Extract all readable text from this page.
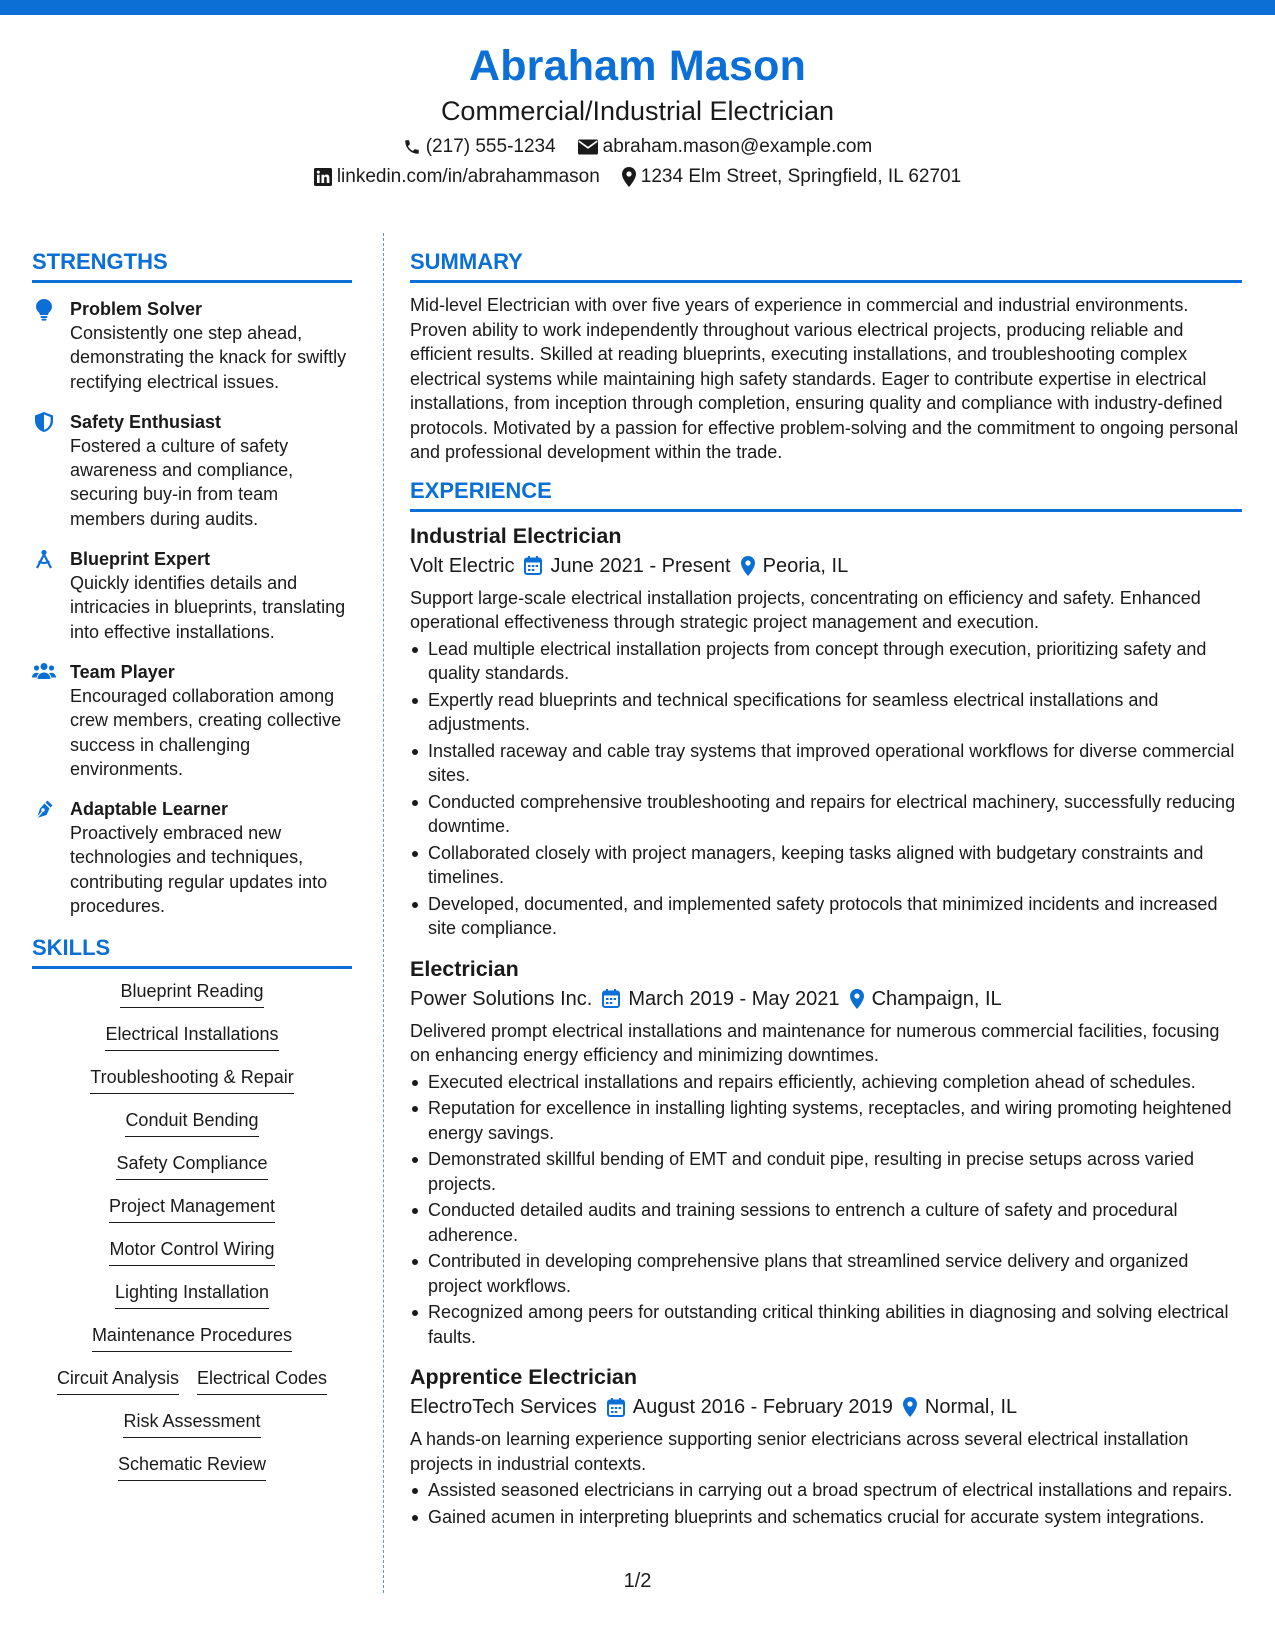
Abraham Mason
Commercial/Industrial Electrician
(217) 555-1234 abraham.mason@example.com
linkedin.com/in/abrahammason 1234 Elm Street, Springfield, IL 62701
STRENGTHS
Problem Solver
Consistently one step ahead, demonstrating the knack for swiftly rectifying electrical issues.
Safety Enthusiast
Fostered a culture of safety awareness and compliance, securing buy-in from team members during audits.
Blueprint Expert
Quickly identifies details and intricacies in blueprints, translating into effective installations.
Team Player
Encouraged collaboration among crew members, creating collective success in challenging environments.
Adaptable Learner
Proactively embraced new technologies and techniques, contributing regular updates into procedures.
SKILLS
Blueprint Reading
Electrical Installations
Troubleshooting & Repair
Conduit Bending
Safety Compliance
Project Management
Motor Control Wiring
Lighting Installation
Maintenance Procedures
Circuit Analysis Electrical Codes
Risk Assessment
Schematic Review
SUMMARY
Mid-level Electrician with over five years of experience in commercial and industrial environments. Proven ability to work independently throughout various electrical projects, producing reliable and efficient results. Skilled at reading blueprints, executing installations, and troubleshooting complex electrical systems while maintaining high safety standards. Eager to contribute expertise in electrical installations, from inception through completion, ensuring quality and compliance with industry-defined protocols. Motivated by a passion for effective problem-solving and the commitment to ongoing personal and professional development within the trade.
EXPERIENCE
Industrial Electrician
Volt Electric June 2021 - Present Peoria, IL
Support large-scale electrical installation projects, concentrating on efficiency and safety. Enhanced operational effectiveness through strategic project management and execution.
Lead multiple electrical installation projects from concept through execution, prioritizing safety and quality standards.
Expertly read blueprints and technical specifications for seamless electrical installations and adjustments.
Installed raceway and cable tray systems that improved operational workflows for diverse commercial sites.
Conducted comprehensive troubleshooting and repairs for electrical machinery, successfully reducing downtime.
Collaborated closely with project managers, keeping tasks aligned with budgetary constraints and timelines.
Developed, documented, and implemented safety protocols that minimized incidents and increased site compliance.
Electrician
Power Solutions Inc. March 2019 - May 2021 Champaign, IL
Delivered prompt electrical installations and maintenance for numerous commercial facilities, focusing on enhancing energy efficiency and minimizing downtimes.
Executed electrical installations and repairs efficiently, achieving completion ahead of schedules.
Reputation for excellence in installing lighting systems, receptacles, and wiring promoting heightened energy savings.
Demonstrated skillful bending of EMT and conduit pipe, resulting in precise setups across varied projects.
Conducted detailed audits and training sessions to entrench a culture of safety and procedural adherence.
Contributed in developing comprehensive plans that streamlined service delivery and organized project workflows.
Recognized among peers for outstanding critical thinking abilities in diagnosing and solving electrical faults.
Apprentice Electrician
ElectroTech Services August 2016 - February 2019 Normal, IL
A hands-on learning experience supporting senior electricians across several electrical installation projects in industrial contexts.
Assisted seasoned electricians in carrying out a broad spectrum of electrical installations and repairs.
Gained acumen in interpreting blueprints and schematics crucial for accurate system integrations.
1/2
